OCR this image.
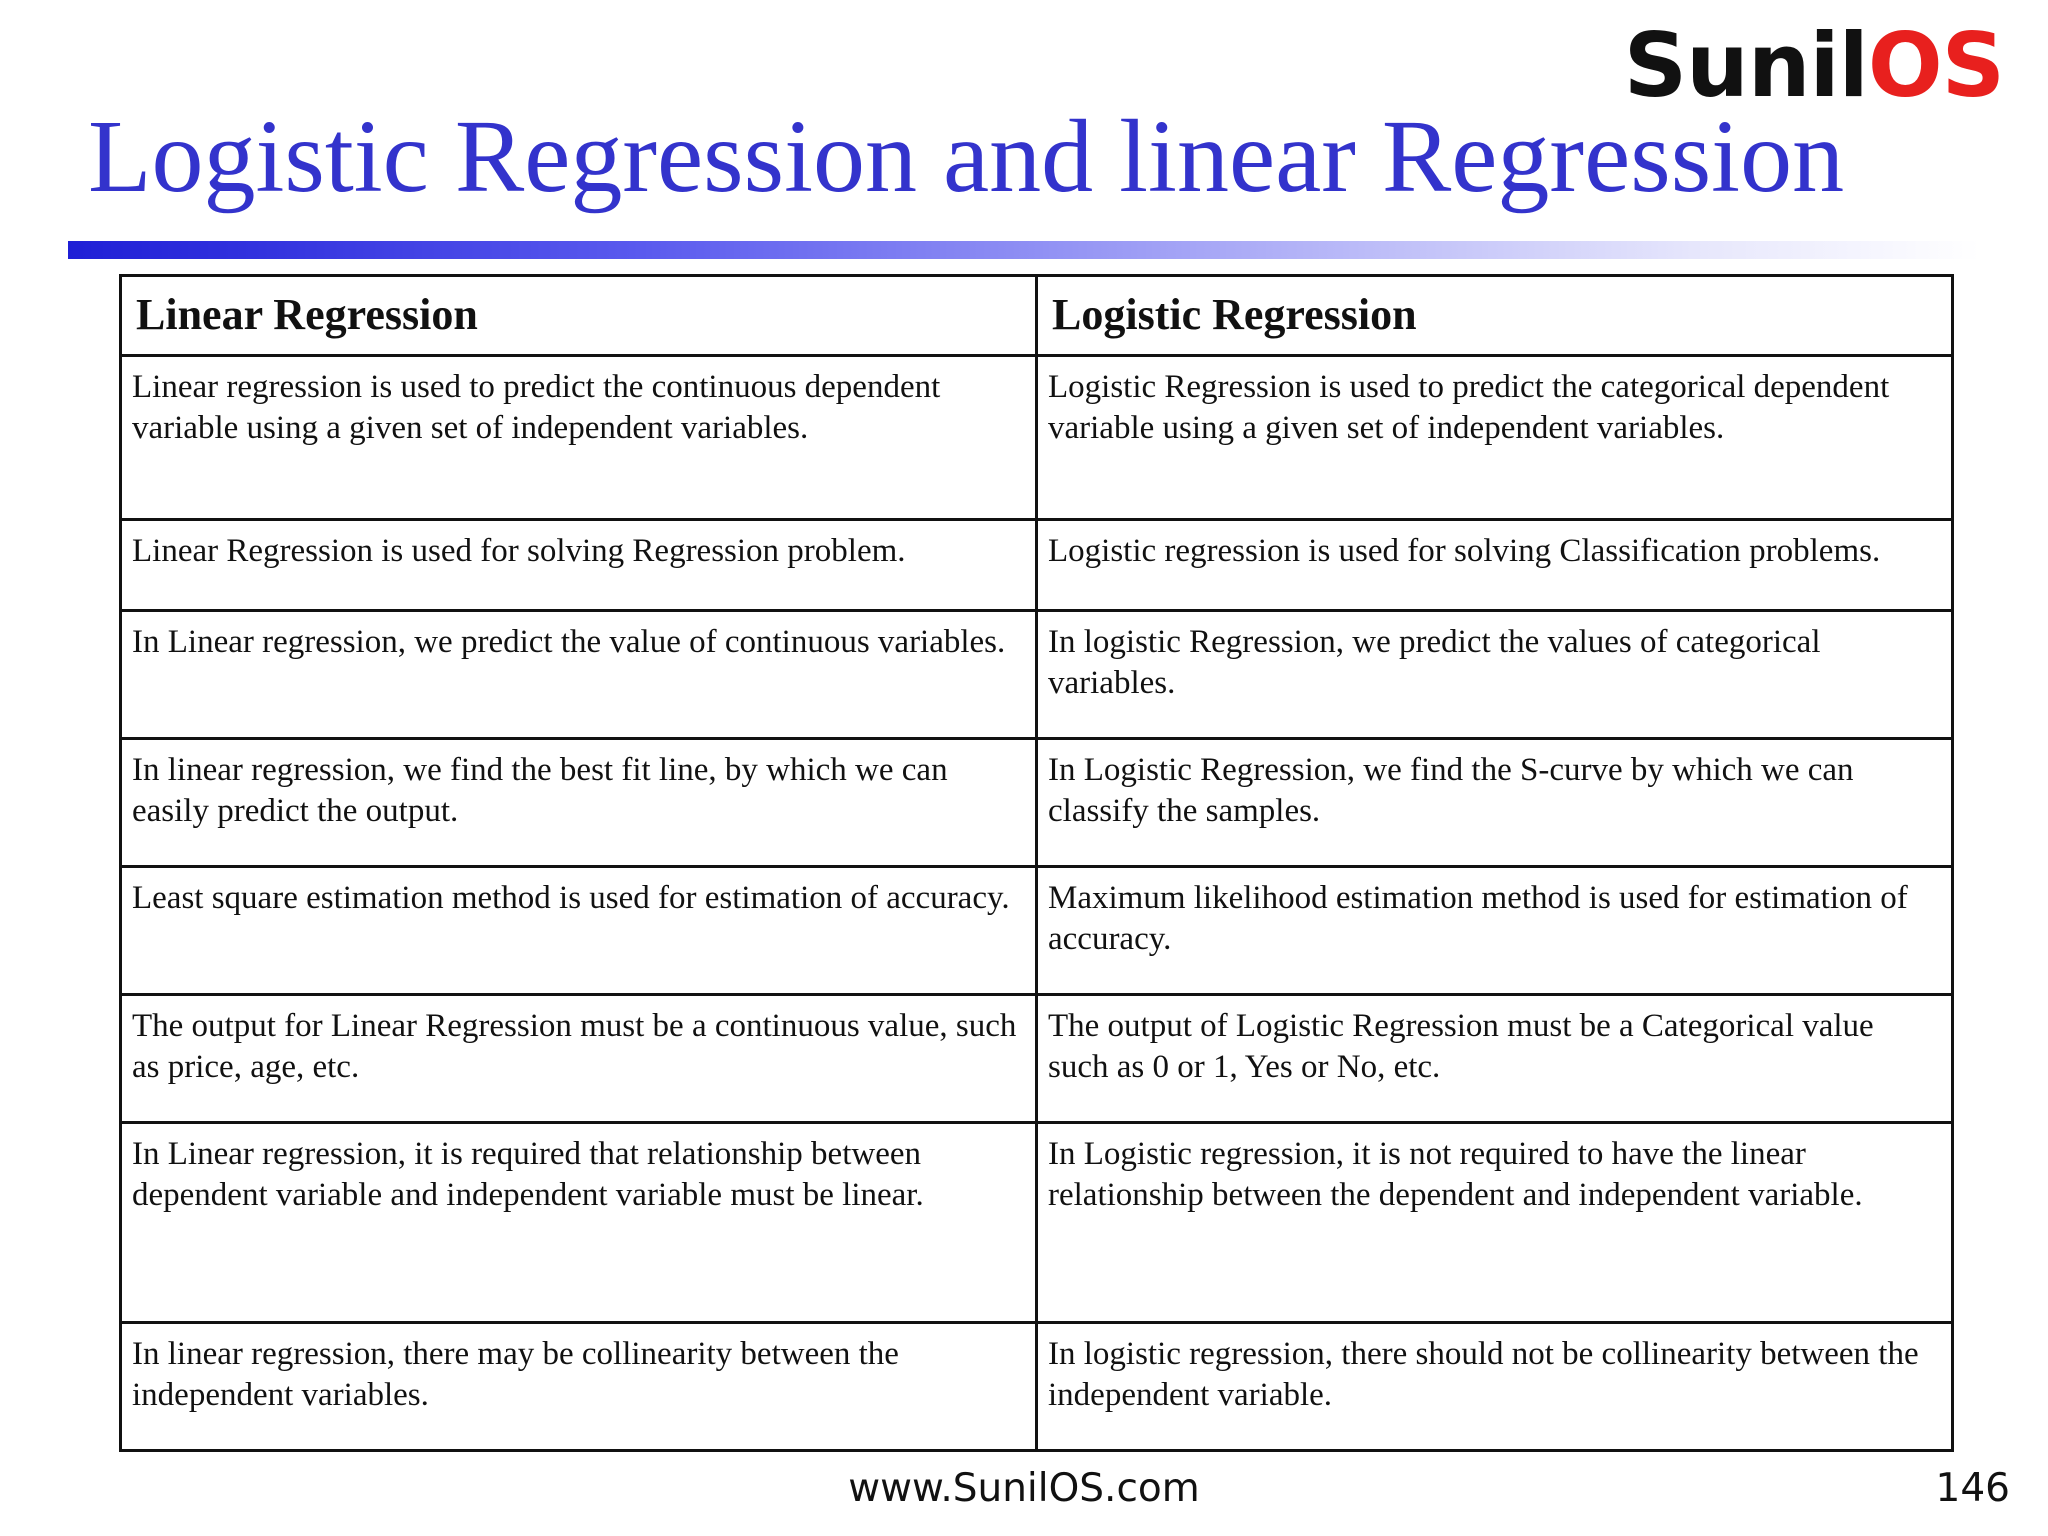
SunilOS
Logistic Regression and linear Regression
Linear Regression	Logistic Regression
Linear regression is used to predict the continuous dependent variable using a given set of independent variables.	Logistic Regression is used to predict the categorical dependent variable using a given set of independent variables.
Linear Regression is used for solving Regression problem.	Logistic regression is used for solving Classification problems.
In Linear regression, we predict the value of continuous variables.	In logistic Regression, we predict the values of categorical variables.
In linear regression, we find the best fit line, by which we can easily predict the output.	In Logistic Regression, we find the S-curve by which we can classify the samples.
Least square estimation method is used for estimation of accuracy.	Maximum likelihood estimation method is used for estimation of accuracy.
The output for Linear Regression must be a continuous value, such as price, age, etc.	The output of Logistic Regression must be a Categorical value such as 0 or 1, Yes or No, etc.
In Linear regression, it is required that relationship between dependent variable and independent variable must be linear.	In Logistic regression, it is not required to have the linear relationship between the dependent and independent variable.
In linear regression, there may be collinearity between the independent variables.	In logistic regression, there should not be collinearity between the independent variable.
www.SunilOS.com	146
